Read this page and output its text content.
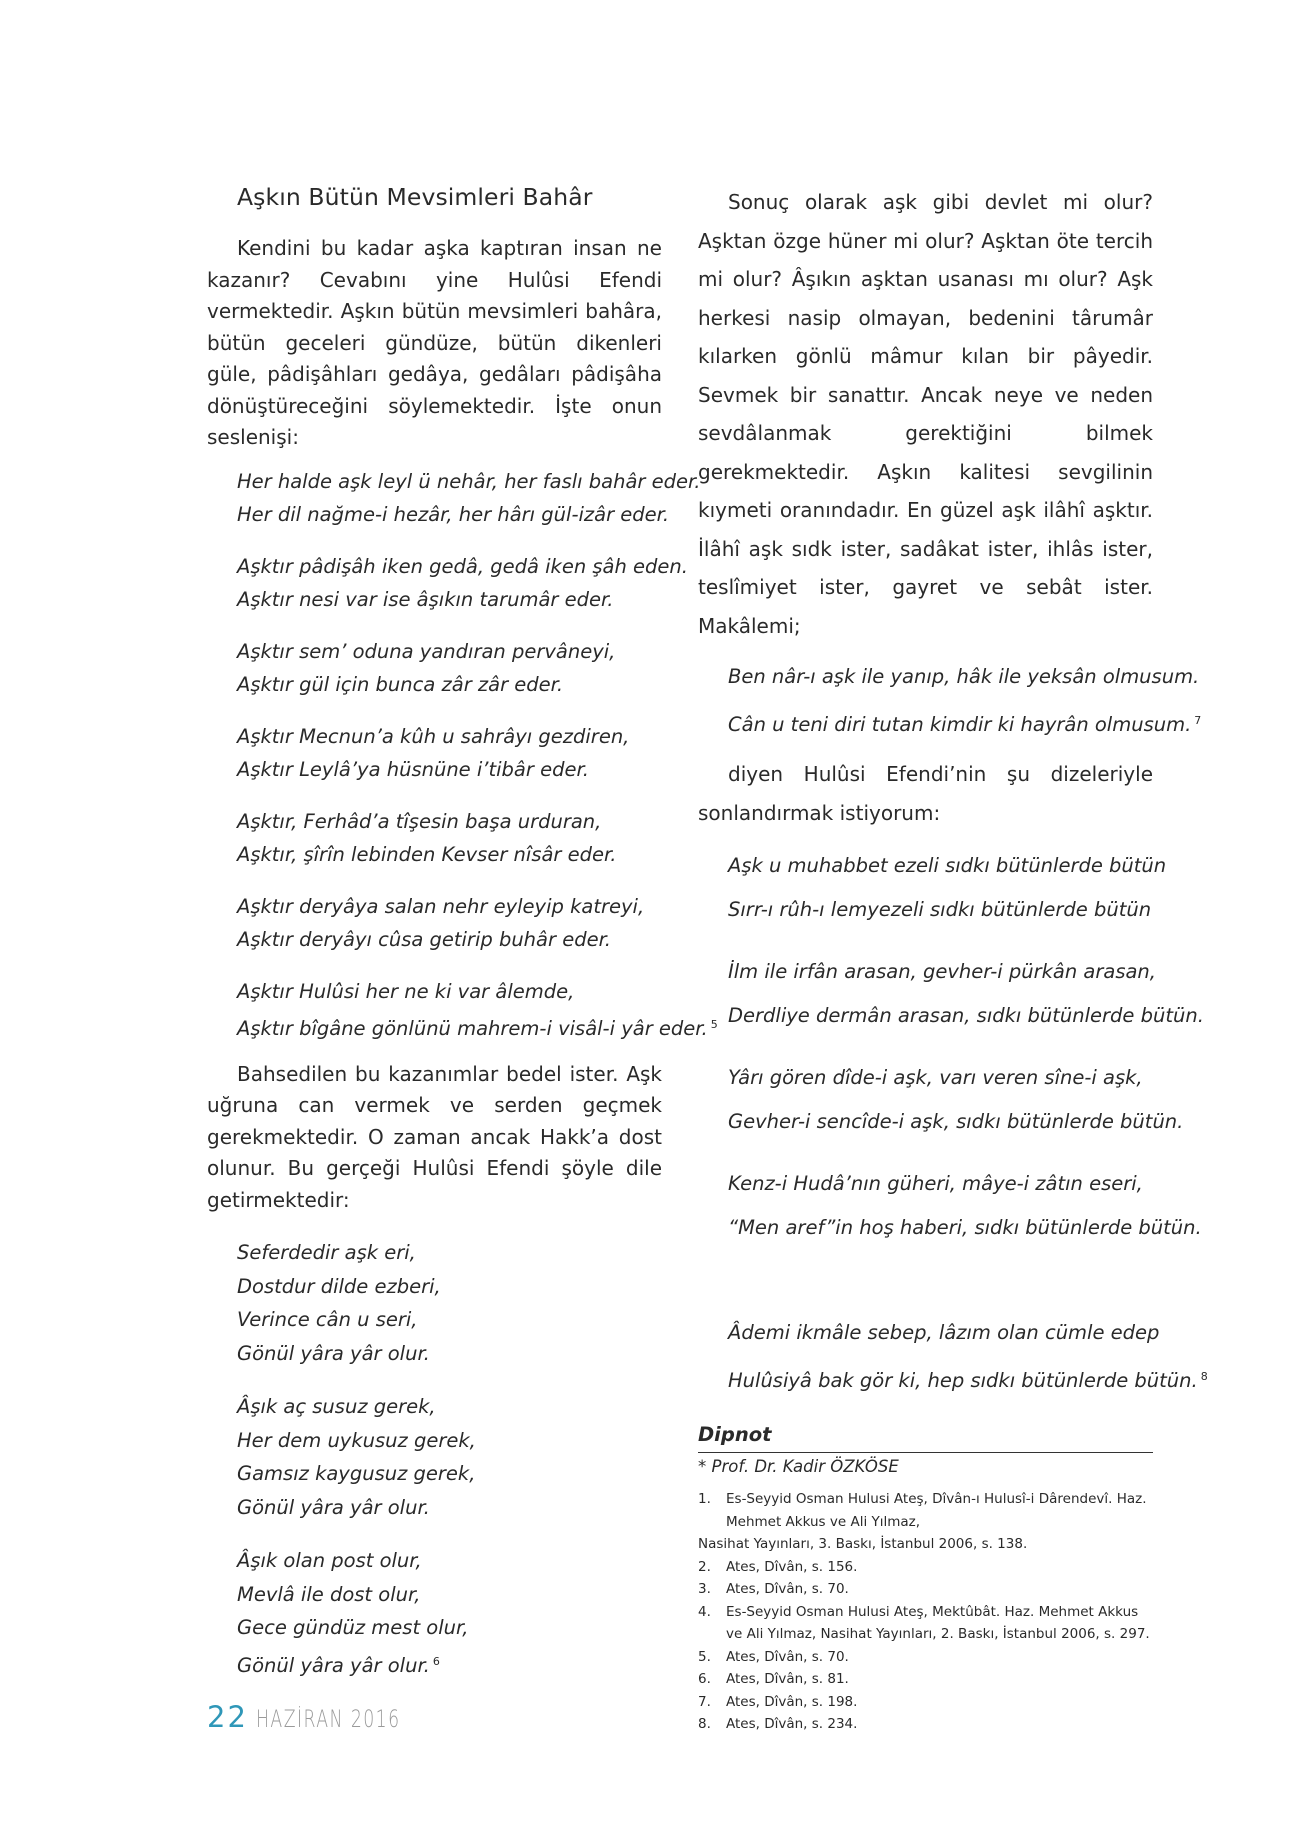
Aşkın Bütün Mevsimleri Bahâr

Kendini bu kadar aşka kaptıran insan ne kazanır? Cevabını yine Hulûsi Efendi vermektedir. Aşkın bütün mevsimleri bahâra, bütün geceleri gündüze, bütün dikenleri güle, pâdişâhları gedâya, gedâları pâdişâha dönüştüreceğini söylemektedir. İşte onun seslenişi:

Her halde aşk leyl ü nehâr, her faslı bahâr eder.
Her dil nağme-i hezâr, her hârı gül-izâr eder.
Aşktır pâdişâh iken gedâ, gedâ iken şâh eden.
Aşktır nesi var ise âşıkın tarumâr eder.
Aşktır sem’ oduna yandıran pervâneyi,
Aşktır gül için bunca zâr zâr eder.
Aşktır Mecnun’a kûh u sahrâyı gezdiren,
Aşktır Leylâ’ya hüsnüne i’tibâr eder.
Aşktır, Ferhâd’a tîşesin başa urduran,
Aşktır, şîrîn lebinden Kevser nîsâr eder.
Aşktır deryâya salan nehr eyleyip katreyi,
Aşktır deryâyı cûsa getirip buhâr eder.
Aşktır Hulûsi her ne ki var âlemde,
Aşktır bîgâne gönlünü mahrem-i visâl-i yâr eder. $^5$

Bahsedilen bu kazanımlar bedel ister. Aşk uğruna can vermek ve serden geçmek gerekmektedir. O zaman ancak Hakk’a dost olunur. Bu gerçeği Hulûsi Efendi şöyle dile getirmektedir:

Seferdedir aşk eri,
Dostdur dilde ezberi,
Verince cân u seri,
Gönül yâra yâr olur.
Âşık aç susuz gerek,
Her dem uykusuz gerek,
Gamsız kaygusuz gerek,
Gönül yâra yâr olur.
Âşık olan post olur,
Mevlâ ile dost olur,
Gece gündüz mest olur,
Gönül yâra yâr olur. $^6$

Sonuç olarak aşk gibi devlet mi olur? Aşktan özge hüner mi olur? Aşktan öte tercih mi olur? Âşıkın aşktan usanası mı olur? Aşk herkesi nasip olmayan, bedenini târumâr kılarken gönlü mâmur kılan bir pâyedir. Sevmek bir sanattır. Ancak neye ve neden sevdâlanmak gerektiğini bilmek gerekmektedir. Aşkın kalitesi sevgilinin kıymeti oranındadır. En güzel aşk ilâhî aşktır. İlâhî aşk sıdk ister, sadâkat ister, ihlâs ister, teslîmiyet ister, gayret ve sebât ister. Makâlemi;

Ben nâr-ı aşk ile yanıp, hâk ile yeksân olmusum.
Cân u teni diri tutan kimdir ki hayrân olmusum. $^7$

diyen Hulûsi Efendi’nin şu dizeleriyle sonlandırmak istiyorum:

Aşk u muhabbet ezeli sıdkı bütünlerde bütün
Sırr-ı rûh-ı lemyezeli sıdkı bütünlerde bütün
İlm ile irfân arasan, gevher-i pürkân arasan,
Derdliye dermân arasan, sıdkı bütünlerde bütün.
Yârı gören dîde-i aşk, varı veren sîne-i aşk,
Gevher-i sencîde-i aşk, sıdkı bütünlerde bütün.
Kenz-i Hudâ’nın güheri, mâye-i zâtın eseri,
“Men aref”in hoş haberi, sıdkı bütünlerde bütün.
Âdemi ikmâle sebep, lâzım olan cümle edep
Hulûsiyâ bak gör ki, hep sıdkı bütünlerde bütün. $^8$
Dipnot
* Prof. Dr. Kadir ÖZKÖSE
1.	Es-Seyyid Osman Hulusi Ateş, Dîvân-ı Hulusî-i Dârendevî. Haz. Mehmet Akkus ve Ali Yılmaz,
Nasihat Yayınları, 3. Baskı, İstanbul 2006, s. 138.
2.	Ates, Dîvân, s. 156.
3.	Ates, Dîvân, s. 70.
4.	Es-Seyyid Osman Hulusi Ateş, Mektûbât. Haz. Mehmet Akkus ve Ali Yılmaz, Nasihat Yayınları, 2. Baskı, İstanbul 2006, s. 297.
5.	Ates, Dîvân, s. 70.
6.	Ates, Dîvân, s. 81.
7.	Ates, Dîvân, s. 198.
8.	Ates, Dîvân, s. 234.
22 HAZİRAN 2016
